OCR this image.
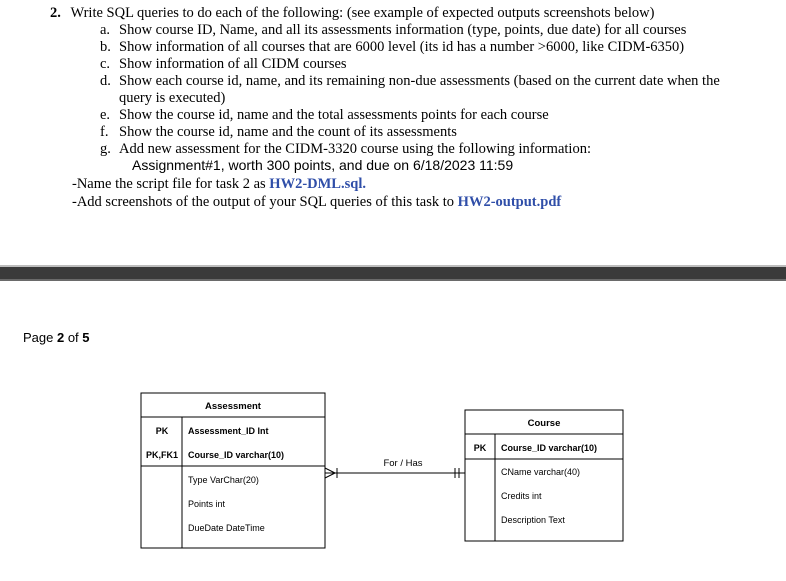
2. Write SQL queries to do each of the following: (see example of expected outputs screenshots below)
a. Show course ID, Name, and all its assessments information (type, points, due date) for all courses
b. Show information of all courses that are 6000 level (its id has a number >6000, like CIDM-6350)
c. Show information of all CIDM courses
d. Show each course id, name, and its remaining non-due assessments (based on the current date when the
query is executed)
e. Show the course id, name and the total assessments points for each course
f. Show the course id, name and the count of its assessments
g. Add new assessment for the CIDM-3320 course using the following information:
Assignment#1, worth 300 points, and due on 6/18/2023 11:59
-Name the script file for task 2 as HW2-DML.sql.
-Add screenshots of the output of your SQL queries of this task to HW2-output.pdf
Page 2 of 5
Assessment
PK
PK,FK1
Assessment_ID Int
Course_ID varchar(10)
Type VarChar(20)
Points int
DueDate DateTime
For / Has
Course
PK Course_ID varchar(10)
CName varchar(40)
Credits int
Description Text
